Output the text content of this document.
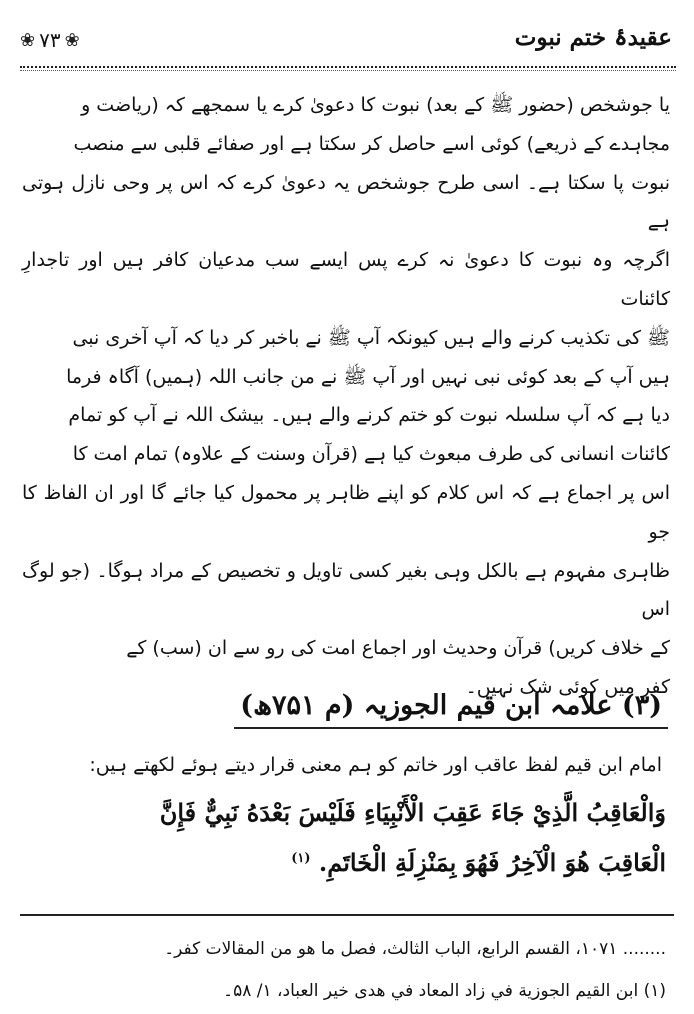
عقیدۂ ختم نبوت
❀ ۷۳ ❀

یا جوشخص (حضور ﷺ کے بعد) نبوت کا دعویٰ کرے یا سمجھے کہ (ریاضت و

مجاہدے کے ذریعے) کوئی اسے حاصل کر سکتا ہے اور صفائے قلبی سے منصب

نبوت پا سکتا ہے۔ اسی طرح جوشخص یہ دعویٰ کرے کہ اس پر وحی نازل ہوتی ہے

اگرچہ وہ نبوت کا دعویٰ نہ کرے پس ایسے سب مدعیان کافر ہیں اور تاجدارِ کائنات

ﷺ کی تکذیب کرنے والے ہیں کیونکہ آپ ﷺ نے باخبر کر دیا کہ آپ آخری نبی

ہیں آپ کے بعد کوئی نبی نہیں اور آپ ﷺ نے من جانب اللہ (ہمیں) آگاہ فرما

دیا ہے کہ آپ سلسلہ نبوت کو ختم کرنے والے ہیں۔ بیشک اللہ نے آپ کو تمام

کائنات انسانی کی طرف مبعوث کیا ہے (قرآن وسنت کے علاوہ) تمام امت کا

اس پر اجماع ہے کہ اس کلام کو اپنے ظاہر پر محمول کیا جائے گا اور ان الفاظ کا جو

ظاہری مفہوم ہے بالکل وہی بغیر کسی تاویل و تخصیص کے مراد ہوگا۔ (جو لوگ اس

کے خلاف کریں) قرآن وحدیث اور اجماع امت کی رو سے ان (سب) کے

کفر میں کوئی شک نہیں۔

(۳) علامہ ابن قیم الجوزیہ (م ۷۵۱ھ)
امام ابن قیم لفظ عاقب اور خاتم کو ہم معنی قرار دیتے ہوئے لکھتے ہیں:
وَالْعَاقِبُ الَّذِيْ جَاءَ عَقِبَ الْأَنْبِيَاءِ فَلَيْسَ بَعْدَهُ نَبِيٌّ فَإِنَّ
الْعَاقِبَ هُوَ الْآخِرُ فَهُوَ بِمَنْزِلَةِ الْخَاتَمِ. $^{(۱)}$

........ ۱۰۷۱، القسم الرابع، الباب الثالث، فصل ما هو من المقالات كفر۔

(۱) ابن القيم الجوزية في زاد المعاد في هدى خير العباد، ۱/ ۵۸۔
